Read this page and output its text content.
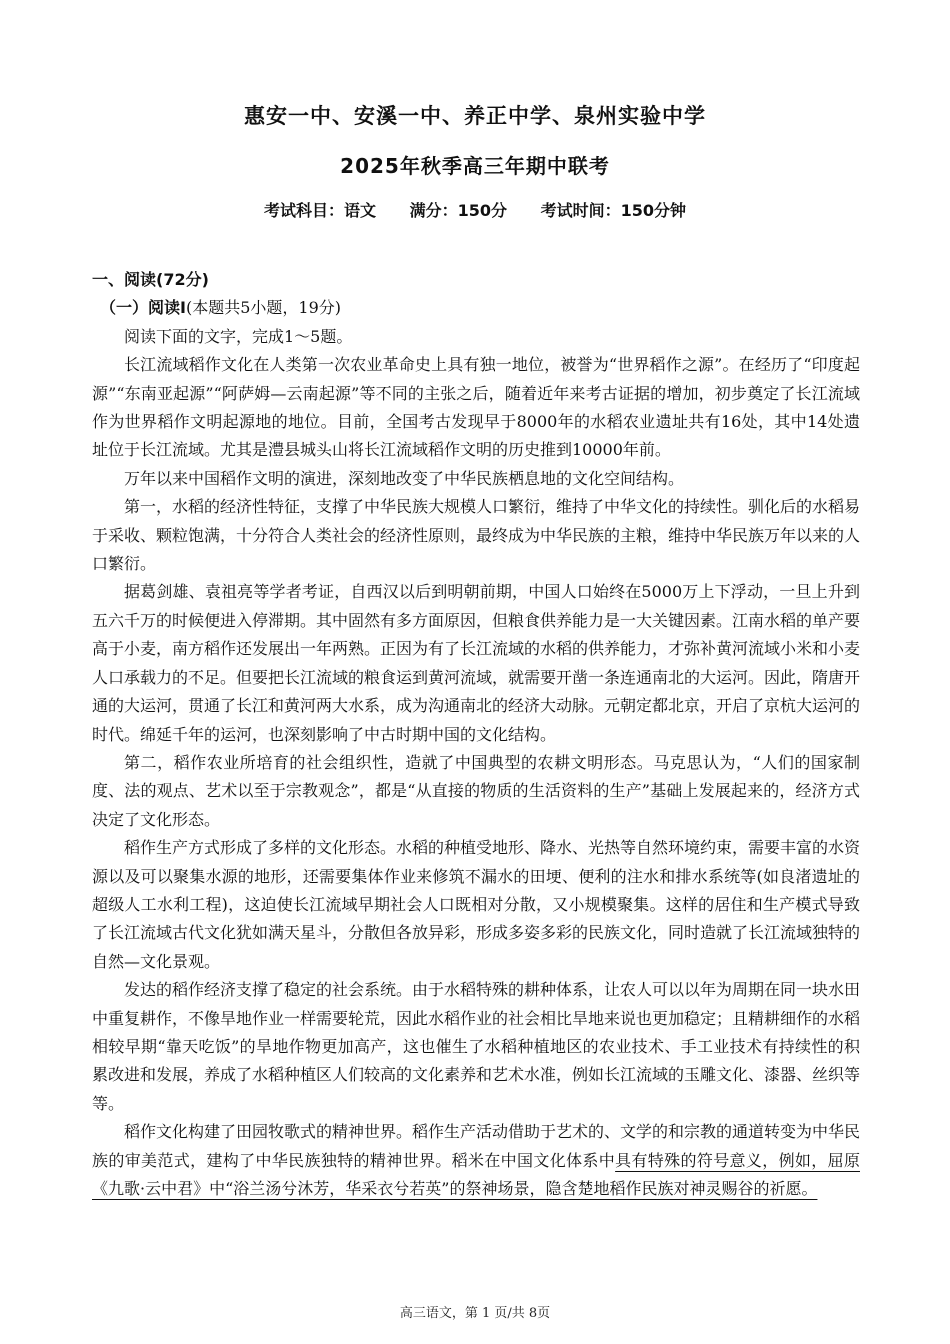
惠安一中、安溪一中、养正中学、泉州实验中学
2025年秋季高三年期中联考
考试科目：语文 满分：150分 考试时间：150分钟
一、阅读(72分)
（一）阅读Ⅰ(本题共5小题，19分)

阅读下面的文字，完成1～5题。

长江流域稻作文化在人类第一次农业革命史上具有独一地位，被誉为“世界稻作之源”。在经历了“印度起源”“东南亚起源”“阿萨姆—云南起源”等不同的主张之后，随着近年来考古证据的增加，初步奠定了长江流域作为世界稻作文明起源地的地位。目前，全国考古发现早于8000年的水稻农业遗址共有16处，其中14处遗址位于长江流域。尤其是澧县城头山将长江流域稻作文明的历史推到10000年前。

万年以来中国稻作文明的演进，深刻地改变了中华民族栖息地的文化空间结构。

第一，水稻的经济性特征，支撑了中华民族大规模人口繁衍，维持了中华文化的持续性。驯化后的水稻易于采收、颗粒饱满，十分符合人类社会的经济性原则，最终成为中华民族的主粮，维持中华民族万年以来的人口繁衍。

据葛剑雄、袁祖亮等学者考证，自西汉以后到明朝前期，中国人口始终在5000万上下浮动，一旦上升到五六千万的时候便进入停滞期。其中固然有多方面原因，但粮食供养能力是一大关键因素。江南水稻的单产要高于小麦，南方稻作还发展出一年两熟。正因为有了长江流域的水稻的供养能力，才弥补黄河流域小米和小麦人口承载力的不足。但要把长江流域的粮食运到黄河流域，就需要开凿一条连通南北的大运河。因此，隋唐开通的大运河，贯通了长江和黄河两大水系，成为沟通南北的经济大动脉。元朝定都北京，开启了京杭大运河的时代。绵延千年的运河，也深刻影响了中古时期中国的文化结构。

第二，稻作农业所培育的社会组织性，造就了中国典型的农耕文明形态。马克思认为，“人们的国家制度、法的观点、艺术以至于宗教观念”，都是“从直接的物质的生活资料的生产”基础上发展起来的，经济方式决定了文化形态。

稻作生产方式形成了多样的文化形态。水稻的种植受地形、降水、光热等自然环境约束，需要丰富的水资源以及可以聚集水源的地形，还需要集体作业来修筑不漏水的田埂、便利的注水和排水系统等(如良渚遗址的超级人工水利工程)，这迫使长江流域早期社会人口既相对分散，又小规模聚集。这样的居住和生产模式导致了长江流域古代文化犹如满天星斗，分散但各放异彩，形成多姿多彩的民族文化，同时造就了长江流域独特的自然—文化景观。

发达的稻作经济支撑了稳定的社会系统。由于水稻特殊的耕种体系，让农人可以以年为周期在同一块水田中重复耕作，不像旱地作业一样需要轮荒，因此水稻作业的社会相比旱地来说也更加稳定；且精耕细作的水稻相较早期“靠天吃饭”的旱地作物更加高产，这也催生了水稻种植地区的农业技术、手工业技术有持续性的积累改进和发展，养成了水稻种植区人们较高的文化素养和艺术水准，例如长江流域的玉雕文化、漆器、丝织等等。

稻作文化构建了田园牧歌式的精神世界。稻作生产活动借助于艺术的、文学的和宗教的通道转变为中华民族的审美范式，建构了中华民族独特的精神世界。稻米在中国文化体系中具有特殊的符号意义，例如，屈原《九歌·云中君》中“浴兰汤兮沐芳，华采衣兮若英”的祭神场景，隐含楚地稻作民族对神灵赐谷的祈愿。

高三语文，第 1 页/共 8页
